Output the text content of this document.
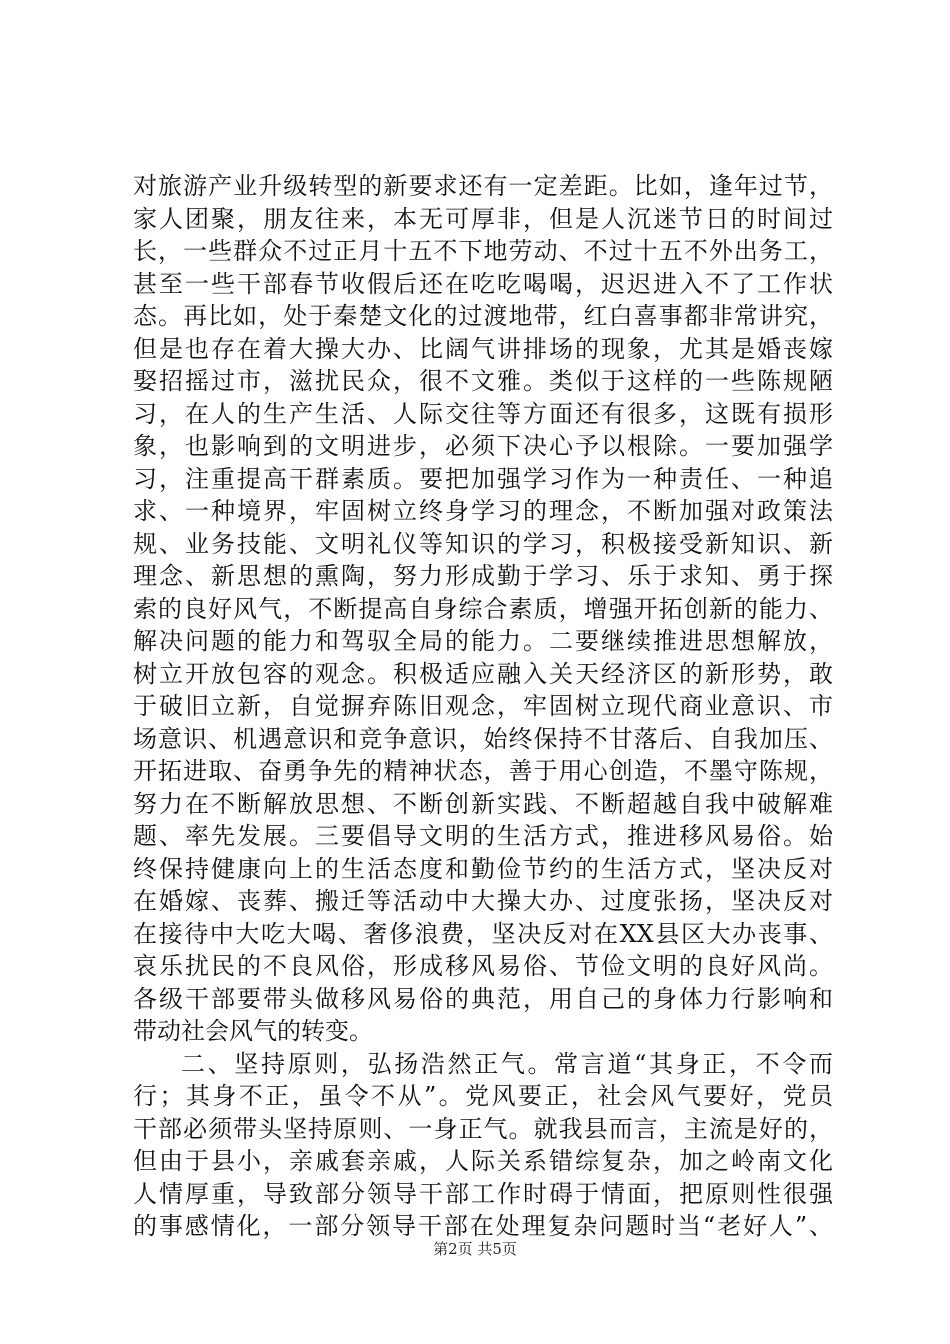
对旅游产业升级转型的新要求还有一定差距。比如，逢年过节，
家人团聚，朋友往来，本无可厚非，但是人沉迷节日的时间过
长，一些群众不过正月十五不下地劳动、不过十五不外出务工，
甚至一些干部春节收假后还在吃吃喝喝，迟迟进入不了工作状
态。再比如，处于秦楚文化的过渡地带，红白喜事都非常讲究，
但是也存在着大操大办、比阔气讲排场的现象，尤其是婚丧嫁
娶招摇过市，滋扰民众，很不文雅。类似于这样的一些陈规陋
习，在人的生产生活、人际交往等方面还有很多，这既有损形
象，也影响到的文明进步，必须下决心予以根除。一要加强学
习，注重提高干群素质。要把加强学习作为一种责任、一种追
求、一种境界，牢固树立终身学习的理念，不断加强对政策法
规、业务技能、文明礼仪等知识的学习，积极接受新知识、新
理念、新思想的熏陶，努力形成勤于学习、乐于求知、勇于探
索的良好风气，不断提高自身综合素质，增强开拓创新的能力、
解决问题的能力和驾驭全局的能力。二要继续推进思想解放，
树立开放包容的观念。积极适应融入关天经济区的新形势，敢
于破旧立新，自觉摒弃陈旧观念，牢固树立现代商业意识、市
场意识、机遇意识和竞争意识，始终保持不甘落后、自我加压、
开拓进取、奋勇争先的精神状态，善于用心创造，不墨守陈规，
努力在不断解放思想、不断创新实践、不断超越自我中破解难
题、率先发展。三要倡导文明的生活方式，推进移风易俗。始
终保持健康向上的生活态度和勤俭节约的生活方式，坚决反对
在婚嫁、丧葬、搬迁等活动中大操大办、过度张扬，坚决反对
在接待中大吃大喝、奢侈浪费，坚决反对在XX县区大办丧事、
哀乐扰民的不良风俗，形成移风易俗、节俭文明的良好风尚。
各级干部要带头做移风易俗的典范，用自己的身体力行影响和
带动社会风气的转变。
二、坚持原则，弘扬浩然正气。常言道“其身正，不令而
行；其身不正，虽令不从”。党风要正，社会风气要好，党员
干部必须带头坚持原则、一身正气。就我县而言，主流是好的，
但由于县小，亲戚套亲戚，人际关系错综复杂，加之岭南文化
人情厚重，导致部分领导干部工作时碍于情面，把原则性很强
的事感情化，一部分领导干部在处理复杂问题时当“老好人”、
第2页 共5页
